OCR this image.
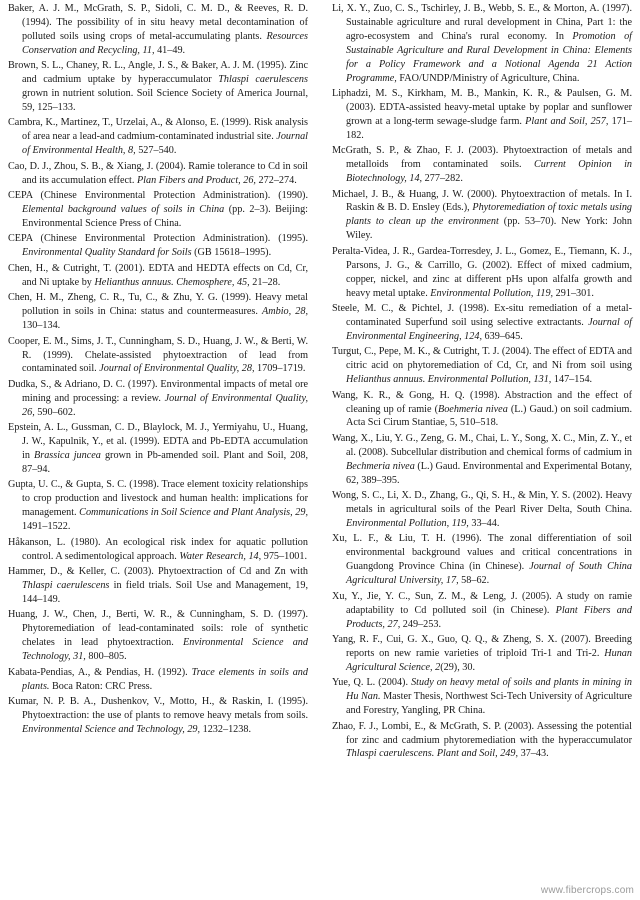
Baker, A. J. M., McGrath, S. P., Sidoli, C. M. D., & Reeves, R. D. (1994). The possibility of in situ heavy metal decontamination of polluted soils using crops of metal-accumulating plants. Resources Conservation and Recycling, 11, 41–49.

Brown, S. L., Chaney, R. L., Angle, J. S., & Baker, A. J. M. (1995). Zinc and cadmium uptake by hyperaccumulator Thlaspi caerulescens grown in nutrient solution. Soil Science Society of America Journal, 59, 125–133.

Cambra, K., Martinez, T., Urzelai, A., & Alonso, E. (1999). Risk analysis of area near a lead-and cadmium-contaminated industrial site. Journal of Environmental Health, 8, 527–540.

Cao, D. J., Zhou, S. B., & Xiang, J. (2004). Ramie tolerance to Cd in soil and its accumulation effect. Plan Fibers and Product, 26, 272–274.

CEPA (Chinese Environmental Protection Administration). (1990). Elemental background values of soils in China (pp. 2–3). Beijing: Environmental Science Press of China.

CEPA (Chinese Environmental Protection Administration). (1995). Environmental Quality Standard for Soils (GB 15618–1995).

Chen, H., & Cutright, T. (2001). EDTA and HEDTA effects on Cd, Cr, and Ni uptake by Helianthus annuus. Chemosphere, 45, 21–28.

Chen, H. M., Zheng, C. R., Tu, C., & Zhu, Y. G. (1999). Heavy metal pollution in soils in China: status and countermeasures. Ambio, 28, 130–134.

Cooper, E. M., Sims, J. T., Cunningham, S. D., Huang, J. W., & Berti, W. R. (1999). Chelate-assisted phytoextraction of lead from contaminated soil. Journal of Environmental Quality, 28, 1709–1719.

Dudka, S., & Adriano, D. C. (1997). Environmental impacts of metal ore mining and processing: a review. Journal of Environmental Quality, 26, 590–602.

Epstein, A. L., Gussman, C. D., Blaylock, M. J., Yermiyahu, U., Huang, J. W., Kapulnik, Y., et al. (1999). EDTA and Pb-EDTA accumulation in Brassica juncea grown in Pb-amended soil. Plant and Soil, 208, 87–94.

Gupta, U. C., & Gupta, S. C. (1998). Trace element toxicity relationships to crop production and livestock and human health: implications for management. Communications in Soil Science and Plant Analysis, 29, 1491–1522.

Håkanson, L. (1980). An ecological risk index for aquatic pollution control. A sedimentological approach. Water Research, 14, 975–1001.

Hammer, D., & Keller, C. (2003). Phytoextraction of Cd and Zn with Thlaspi caerulescens in field trials. Soil Use and Management, 19, 144–149.

Huang, J. W., Chen, J., Berti, W. R., & Cunningham, S. D. (1997). Phytoremediation of lead-contaminated soils: role of synthetic chelates in lead phytoextraction. Environmental Science and Technology, 31, 800–805.

Kabata-Pendias, A., & Pendias, H. (1992). Trace elements in soils and plants. Boca Raton: CRC Press.

Kumar, N. P. B. A., Dushenkov, V., Motto, H., & Raskin, I. (1995). Phytoextraction: the use of plants to remove heavy metals from soils. Environmental Science and Technology, 29, 1232–1238.

Li, X. Y., Zuo, C. S., Tschirley, J. B., Webb, S. E., & Morton, A. (1997). Sustainable agriculture and rural development in China, Part 1: the agro-ecosystem and China's rural economy. In Promotion of Sustainable Agriculture and Rural Development in China: Elements for a Policy Framework and a Notional Agenda 21 Action Programme, FAO/UNDP/Ministry of Agriculture, China.

Liphadzi, M. S., Kirkham, M. B., Mankin, K. R., & Paulsen, G. M. (2003). EDTA-assisted heavy-metal uptake by poplar and sunflower grown at a long-term sewage-sludge farm. Plant and Soil, 257, 171–182.

McGrath, S. P., & Zhao, F. J. (2003). Phytoextraction of metals and metalloids from contaminated soils. Current Opinion in Biotechnology, 14, 277–282.

Michael, J. B., & Huang, J. W. (2000). Phytoextraction of metals. In I. Raskin & B. D. Ensley (Eds.), Phytoremediation of toxic metals using plants to clean up the environment (pp. 53–70). New York: John Wiley.

Peralta-Videa, J. R., Gardea-Torresdey, J. L., Gomez, E., Tiemann, K. J., Parsons, J. G., & Carrillo, G. (2002). Effect of mixed cadmium, copper, nickel, and zinc at different pHs upon alfalfa growth and heavy metal uptake. Environmental Pollution, 119, 291–301.

Steele, M. C., & Pichtel, J. (1998). Ex-situ remediation of a metal-contaminated Superfund soil using selective extractants. Journal of Environmental Engineering, 124, 639–645.

Turgut, C., Pepe, M. K., & Cutright, T. J. (2004). The effect of EDTA and citric acid on phytoremediation of Cd, Cr, and Ni from soil using Helianthus annuus. Environmental Pollution, 131, 147–154.

Wang, K. R., & Gong, H. Q. (1998). Abstraction and the effect of cleaning up of ramie (Boehmeria nivea (L.) Gaud.) on soil cadmium. Acta Sci Cirum Stantiae, 5, 510–518.

Wang, X., Liu, Y. G., Zeng, G. M., Chai, L. Y., Song, X. C., Min, Z. Y., et al. (2008). Subcellular distribution and chemical forms of cadmium in Bechmeria nivea (L.) Gaud. Environmental and Experimental Botany, 62, 389–395.

Wong, S. C., Li, X. D., Zhang, G., Qi, S. H., & Min, Y. S. (2002). Heavy metals in agricultural soils of the Pearl River Delta, South China. Environmental Pollution, 119, 33–44.

Xu, L. F., & Liu, T. H. (1996). The zonal differentiation of soil environmental background values and critical concentrations in Guangdong Province China (in Chinese). Journal of South China Agricultural University, 17, 58–62.

Xu, Y., Jie, Y. C., Sun, Z. M., & Leng, J. (2005). A study on ramie adaptability to Cd polluted soil (in Chinese). Plant Fibers and Products, 27, 249–253.

Yang, R. F., Cui, G. X., Guo, Q. Q., & Zheng, S. X. (2007). Breeding reports on new ramie varieties of triploid Tri-1 and Tri-2. Hunan Agricultural Science, 2(29), 30.

Yue, Q. L. (2004). Study on heavy metal of soils and plants in mining in Hu Nan. Master Thesis, Northwest Sci-Tech University of Agriculture and Forestry, Yangling, PR China.

Zhao, F. J., Lombi, E., & McGrath, S. P. (2003). Assessing the potential for zinc and cadmium phytoremediation with the hyperaccumulator Thlaspi caerulescens. Plant and Soil, 249, 37–43.

www.fibercrops.com
